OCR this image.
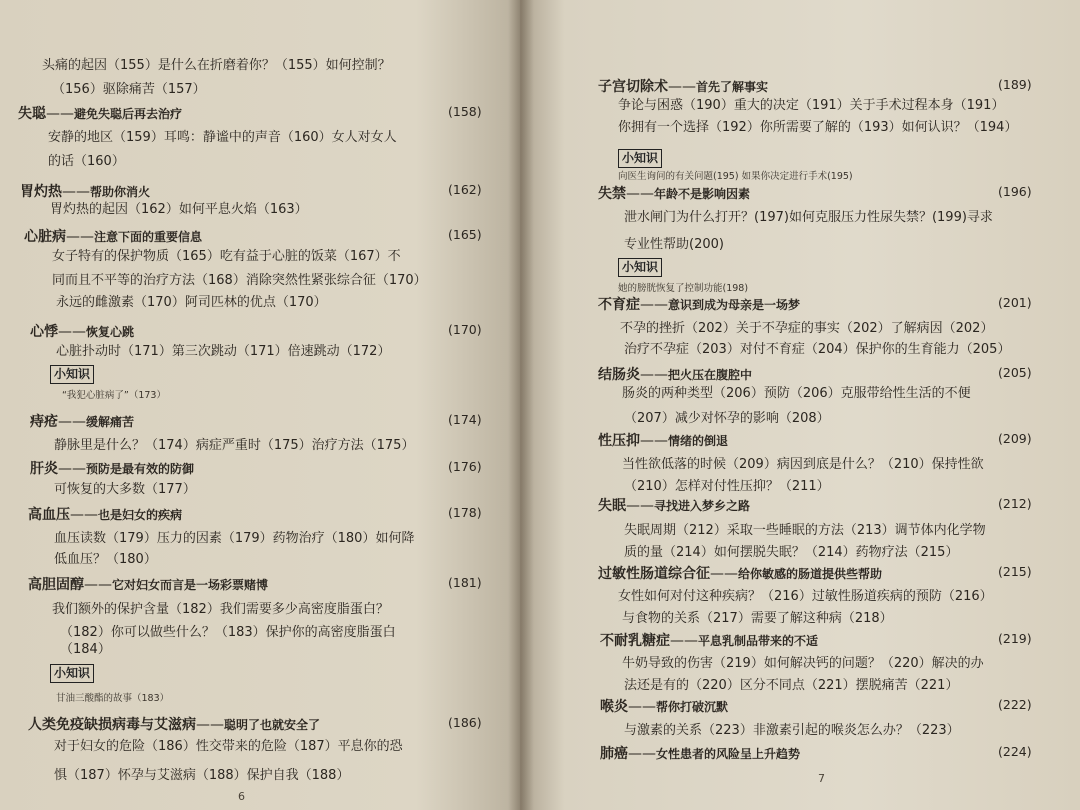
头痛的起因（155）是什么在折磨着你？（155）如何控制？
（156）驱除痛苦（157）
失聪——避免失聪后再去治疗	(158)
安静的地区（159）耳鸣：静谧中的声音（160）女人对女人
的话（160）
胃灼热——帮助你消火	(162)
胃灼热的起因（162）如何平息火焰（163）
心脏病——注意下面的重要信息	(165)
女子特有的保护物质（165）吃有益于心脏的饭菜（167）不
同而且不平等的治疗方法（168）消除突然性紧张综合征（170）
永远的雌激素（170）阿司匹林的优点（170）
心悸——恢复心跳	(170)
心脏扑动时（171）第三次跳动（171）倍速跳动（172）
小知识
“我犯心脏病了”（173）
痔疮——缓解痛苦	(174)
静脉里是什么？（174）病症严重时（175）治疗方法（175）
肝炎——预防是最有效的防御	(176)
可恢复的大多数（177）
高血压——也是妇女的疾病	(178)
血压读数（179）压力的因素（179）药物治疗（180）如何降
低血压？（180）
高胆固醇——它对妇女而言是一场彩票赌博	(181)
我们额外的保护含量（182）我们需要多少高密度脂蛋白？
（182）你可以做些什么？（183）保护你的高密度脂蛋白
（184）
小知识
甘油三酸酯的故事（183）
人类免疫缺损病毒与艾滋病——聪明了也就安全了	(186)
对于妇女的危险（186）性交带来的危险（187）平息你的恐
惧（187）怀孕与艾滋病（188）保护自我（188）
6
子宫切除术——首先了解事实	(189)
争论与困惑（190）重大的决定（191）关于手术过程本身（191）
你拥有一个选择（192）你所需要了解的（193）如何认识？（194）
小知识
向医生询问的有关问题(195) 如果你决定进行手术(195)
失禁——年龄不是影响因素	(196)
泄水闸门为什么打开？(197)如何克服压力性尿失禁？(199)寻求
专业性帮助(200)
小知识
她的膀胱恢复了控制功能(198)
不育症——意识到成为母亲是一场梦	(201)
不孕的挫折（202）关于不孕症的事实（202）了解病因（202）
治疗不孕症（203）对付不育症（204）保护你的生育能力（205）
结肠炎——把火压在腹腔中	(205)
肠炎的两种类型（206）预防（206）克服带给性生活的不便
（207）减少对怀孕的影响（208）
性压抑——情绪的倒退	(209)
当性欲低落的时候（209）病因到底是什么？（210）保持性欲
（210）怎样对付性压抑？（211）
失眠——寻找进入梦乡之路	(212)
失眠周期（212）采取一些睡眠的方法（213）调节体内化学物
质的量（214）如何摆脱失眠？（214）药物疗法（215）
过敏性肠道综合征——给你敏感的肠道提供些帮助	(215)
女性如何对付这种疾病？（216）过敏性肠道疾病的预防（216）
与食物的关系（217）需要了解这种病（218）
不耐乳糖症——平息乳制品带来的不适	(219)
牛奶导致的伤害（219）如何解决钙的问题？（220）解决的办
法还是有的（220）区分不同点（221）摆脱痛苦（221）
喉炎——帮你打破沉默	(222)
与激素的关系（223）非激素引起的喉炎怎么办？（223）
肺癌——女性患者的风险呈上升趋势	(224)
7
